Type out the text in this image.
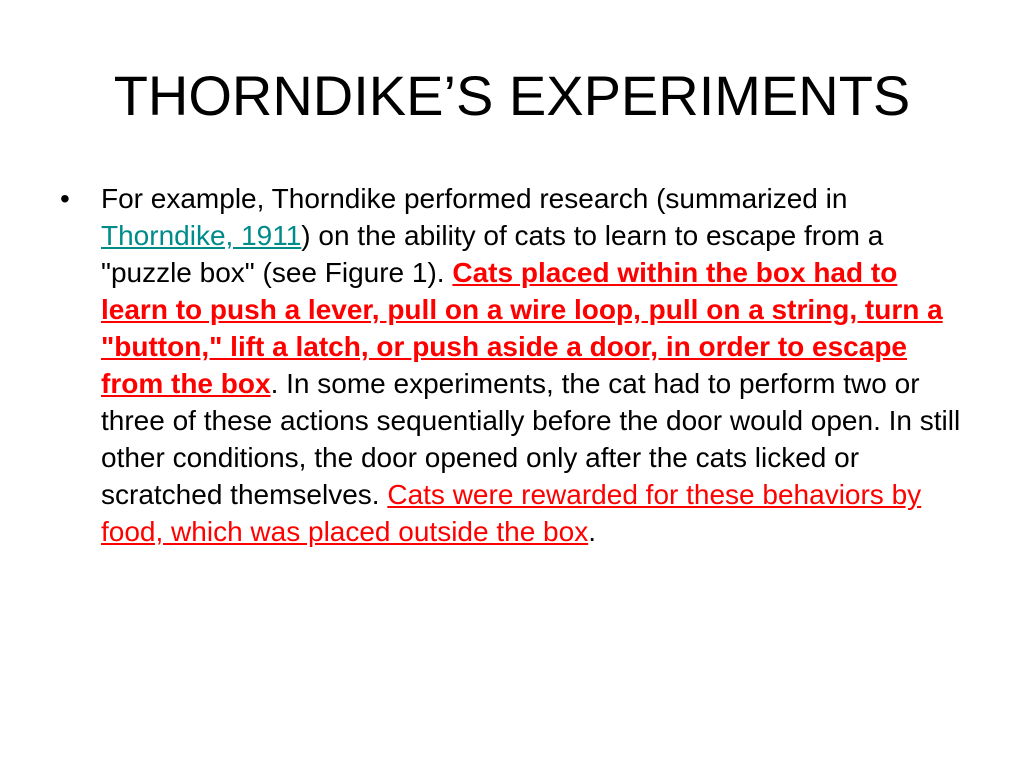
THORNDIKE’S EXPERIMENTS
•	For example, Thorndike performed research (summarized in Thorndike, 1911) on the ability of cats to learn to escape from a "puzzle box" (see Figure 1). Cats placed within the box had to learn to push a lever, pull on a wire loop, pull on a string, turn a "button," lift a latch, or push aside a door, in order to escape from the box. In some experiments, the cat had to perform two or three of these actions sequentially before the door would open. In still other conditions, the door opened only after the cats licked or scratched themselves. Cats were rewarded for these behaviors by food, which was placed outside the box.
